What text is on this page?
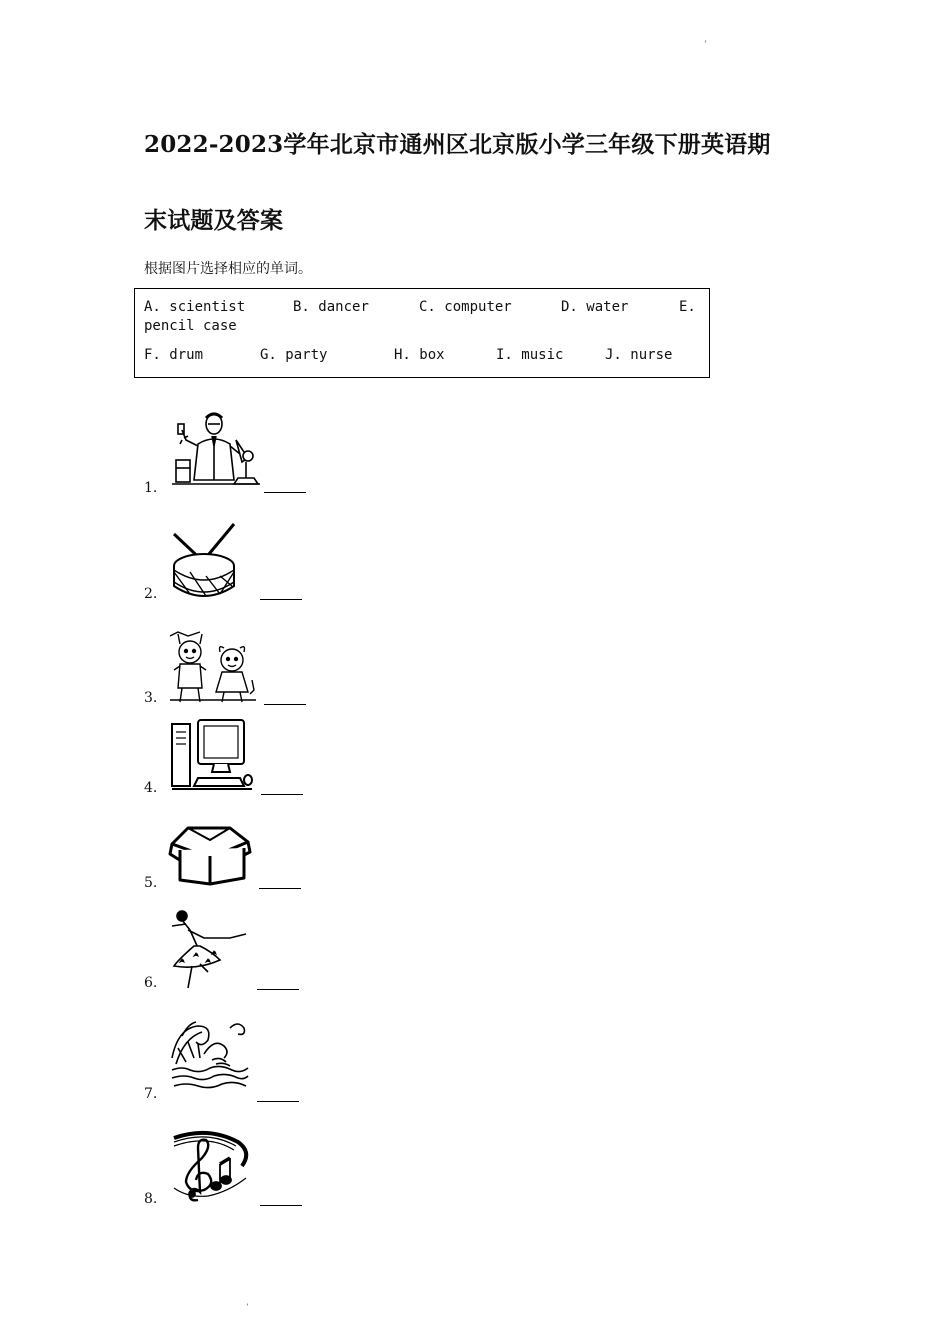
ʼ
2022-2023学年北京市通州区北京版小学三年级下册英语期
末试题及答案
根据图片选择相应的单词。
A. scientist	B. dancer	C. computer	D. water	E.
pencil case
F. drum	G. party	H. box	I. music	J. nurse
1.
2.
3.
4.
5.
6.
7.
8.
ʼ
